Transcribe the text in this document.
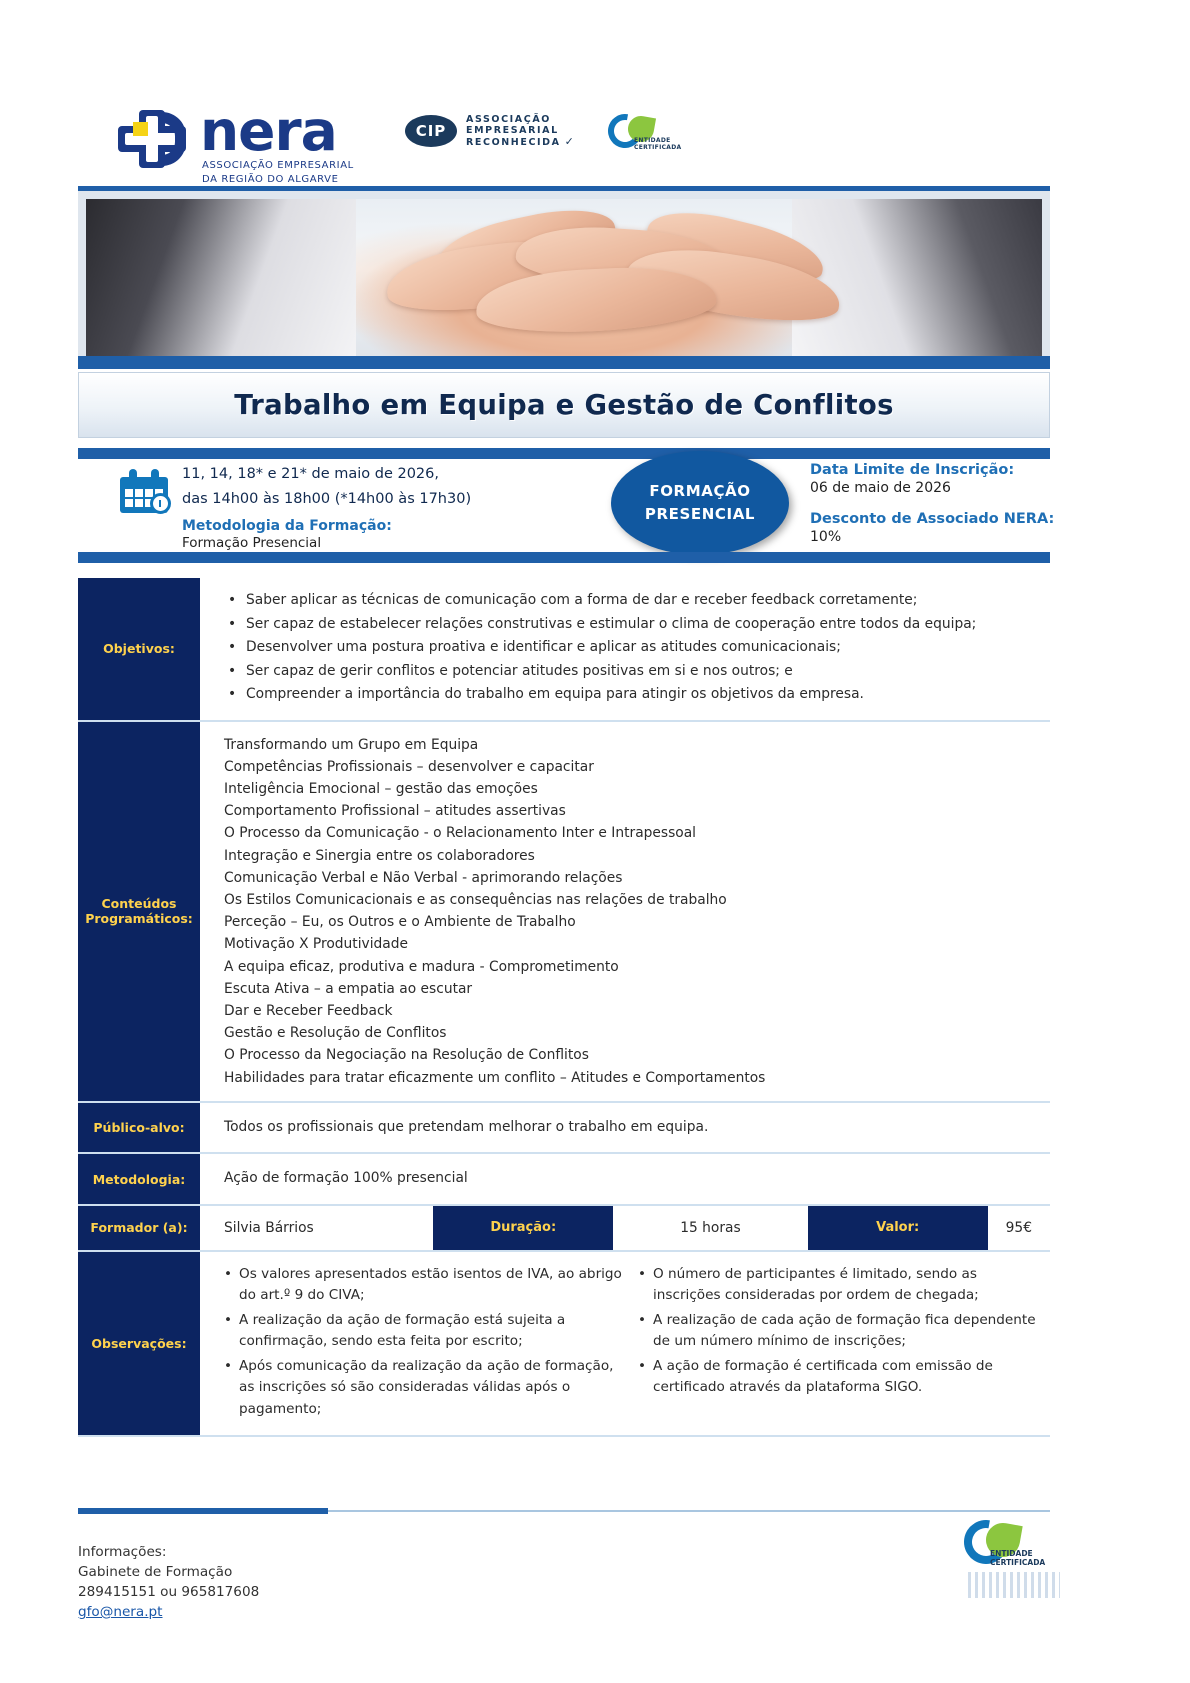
nera
ASSOCIAÇÃO EMPRESARIAL
DA REGIÃO DO ALGARVE
CIP
ASSOCIAÇÃO
EMPRESARIAL
RECONHECIDA ✓	ENTIDADE
CERTIFICADA
Trabalho em Equipa e Gestão de Conflitos
11, 14, 18* e 21* de maio de 2026,
das 14h00 às 18h00 (*14h00 às 17h30)
Metodologia da Formação:
Formação Presencial
FORMAÇÃO
PRESENCIAL
Data Limite de Inscrição:
06 de maio de 2026
Desconto de Associado NERA:
10%
Objetivos:
• Saber aplicar as técnicas de comunicação com a forma de dar e receber feedback corretamente;
• Ser capaz de estabelecer relações construtivas e estimular o clima de cooperação entre todos da equipa;
• Desenvolver uma postura proativa e identificar e aplicar as atitudes comunicacionais;
• Ser capaz de gerir conflitos e potenciar atitudes positivas em si e nos outros; e
• Compreender a importância do trabalho em equipa para atingir os objetivos da empresa.
Conteúdos
Programáticos:
Transformando um Grupo em Equipa
Competências Profissionais – desenvolver e capacitar
Inteligência Emocional – gestão das emoções
Comportamento Profissional – atitudes assertivas
O Processo da Comunicação - o Relacionamento Inter e Intrapessoal
Integração e Sinergia entre os colaboradores
Comunicação Verbal e Não Verbal - aprimorando relações
Os Estilos Comunicacionais e as consequências nas relações de trabalho
Perceção – Eu, os Outros e o Ambiente de Trabalho
Motivação X Produtividade
A equipa eficaz, produtiva e madura - Comprometimento
Escuta Ativa – a empatia ao escutar
Dar e Receber Feedback
Gestão e Resolução de Conflitos
O Processo da Negociação na Resolução de Conflitos
Habilidades para tratar eficazmente um conflito – Atitudes e Comportamentos
Público-alvo:	Todos os profissionais que pretendam melhorar o trabalho em equipa.
Metodologia:	Ação de formação 100% presencial
Formador (a):	Silvia Bárrios	Duração:	15 horas	Valor:	95€
Observações:
• Os valores apresentados estão isentos de IVA, ao abrigo do art.º 9 do CIVA;
• A realização da ação de formação está sujeita a confirmação, sendo esta feita por escrito;
• Após comunicação da realização da ação de formação, as inscrições só são consideradas válidas após o pagamento;
• O número de participantes é limitado, sendo as inscrições consideradas por ordem de chegada;
• A realização de cada ação de formação fica dependente de um número mínimo de inscrições;
• A ação de formação é certificada com emissão de certificado através da plataforma SIGO.
Informações:
Gabinete de Formação
289415151 ou 965817608
gfo@nera.pt
ENTIDADE
CERTIFICADA
